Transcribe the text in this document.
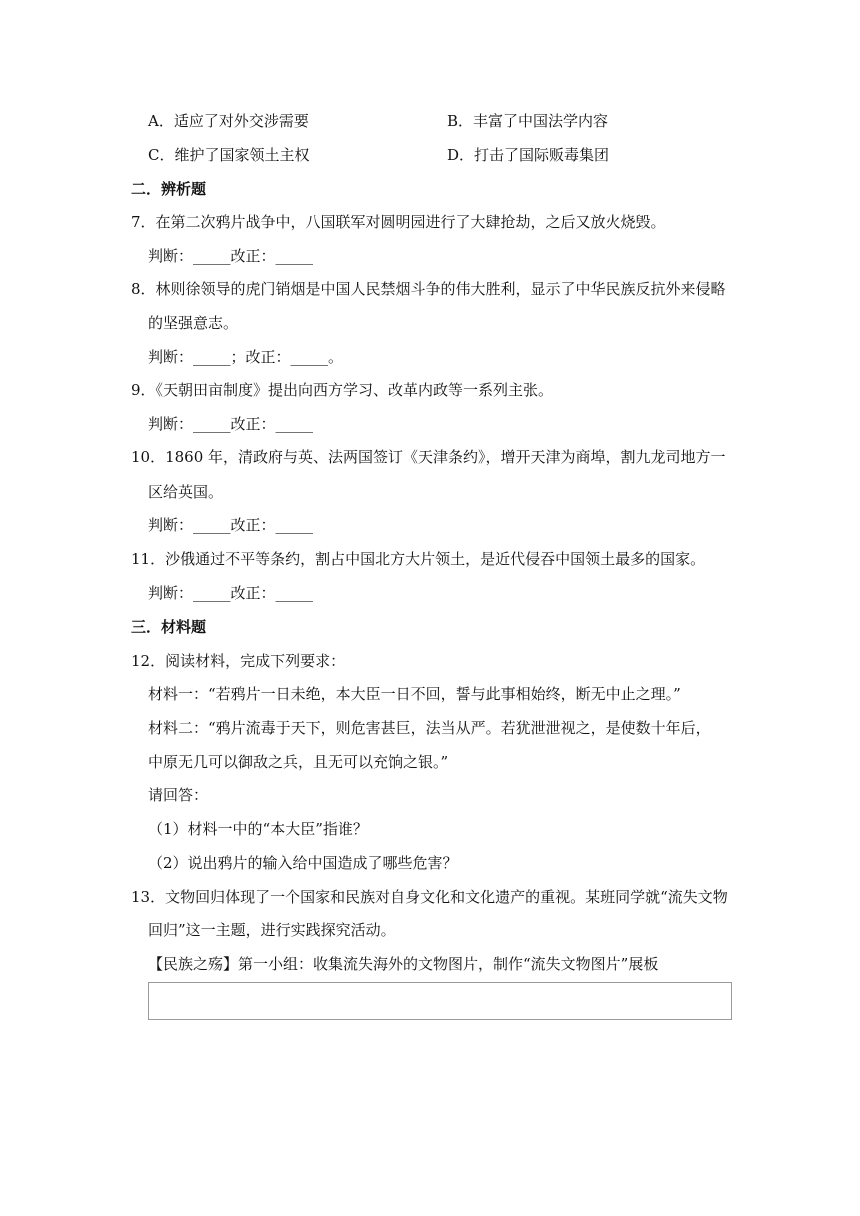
A．适应了对外交涉需要	B．丰富了中国法学内容
C．维护了国家领土主权	D．打击了国际贩毒集团
二．辨析题
7．在第二次鸦片战争中，八国联军对圆明园进行了大肆抢劫，之后又放火烧毁。
判断：_____改正：_____
8．林则徐领导的虎门销烟是中国人民禁烟斗争的伟大胜利，显示了中华民族反抗外来侵略
的坚强意志。
判断：_____；改正：_____。
9．《天朝田亩制度》提出向西方学习、改革内政等一系列主张。
判断：_____改正：_____
10．1860 年，清政府与英、法两国签订《天津条约》，增开天津为商埠，割九龙司地方一
区给英国。
判断：_____改正：_____
11．沙俄通过不平等条约，割占中国北方大片领土，是近代侵吞中国领土最多的国家。
判断：_____改正：_____
三．材料题
12．阅读材料，完成下列要求：
材料一：“若鸦片一日未绝，本大臣一日不回，誓与此事相始终，断无中止之理。”
材料二：“鸦片流毒于天下，则危害甚巨，法当从严。若犹泄泄视之，是使数十年后，
中原无几可以御敌之兵，且无可以充饷之银。”
请回答：
（1）材料一中的“本大臣”指谁？
（2）说出鸦片的输入给中国造成了哪些危害？
13．文物回归体现了一个国家和民族对自身文化和文化遗产的重视。某班同学就“流失文物
回归”这一主题，进行实践探究活动。
【民族之殇】第一小组：收集流失海外的文物图片，制作“流失文物图片”展板
